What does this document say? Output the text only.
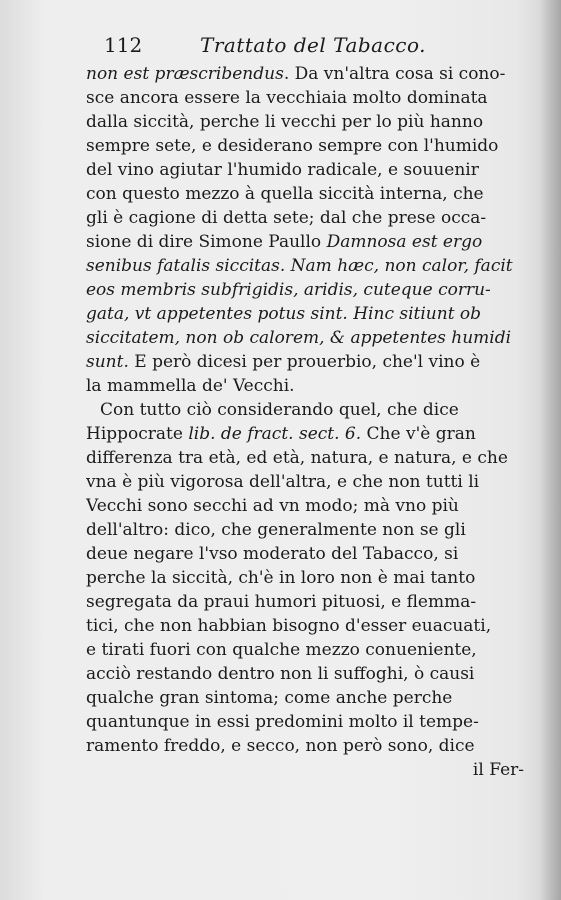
112	Trattato del Tabacco.
non est præscribendus. Da vn'altra cosa si cono-
sce ancora essere la vecchiaia molto dominata
dalla siccità, perche li vecchi per lo più hanno
sempre sete, e desiderano sempre con l'humido
del vino agiutar l'humido radicale, e souuenir
con questo mezzo à quella siccità interna, che
gli è cagione di detta sete; dal che prese occa-
sione di dire Simone Paullo Damnosa est ergo
senibus fatalis siccitas. Nam hæc, non calor, facit
eos membris subfrigidis, aridis, cuteque corru-
gata, vt appetentes potus sint. Hinc sitiunt ob
siccitatem, non ob calorem, & appetentes humidi
sunt. E però dicesi per prouerbio, che'l vino è
la mammella de' Vecchi.
Con tutto ciò considerando quel, che dice
Hippocrate lib. de fract. sect. 6. Che v'è gran
differenza tra età, ed età, natura, e natura, e che
vna è più vigorosa dell'altra, e che non tutti li
Vecchi sono secchi ad vn modo; mà vno più
dell'altro: dico, che generalmente non se gli
deue negare l'vso moderato del Tabacco, si
perche la siccità, ch'è in loro non è mai tanto
segregata da praui humori pituosi, e flemma-
tici, che non habbian bisogno d'esser euacuati,
e tirati fuori con qualche mezzo conueniente,
acciò restando dentro non li suffoghi, ò causi
qualche gran sintoma; come anche perche
quantunque in essi predomini molto il tempe-
ramento freddo, e secco, non però sono, dice
il Fer-
